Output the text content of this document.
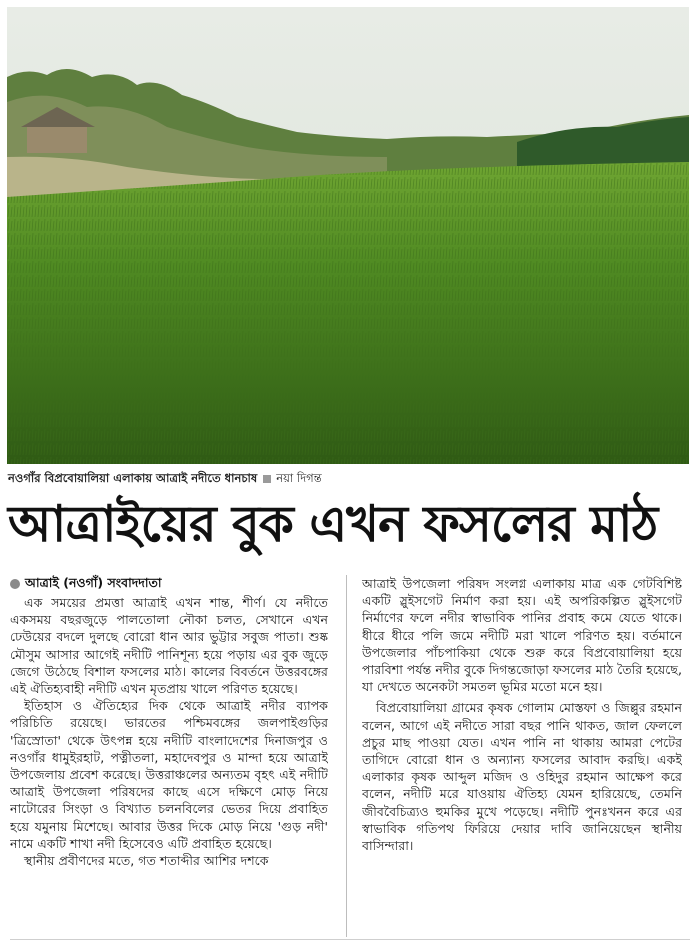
নওগাঁর বিপ্রবোয়ালিয়া এলাকায় আত্রাই নদীতে ধানচাষ নয়া দিগন্ত
আত্রাইয়ের বুক এখন ফসলের মাঠ
আত্রাই (নওগাঁ) সংবাদদাতা

এক সময়ের প্রমত্তা আত্রাই এখন শান্ত, শীর্ণ। যে নদীতে একসময় বছরজুড়ে পালতোলা নৌকা চলত, সেখানে এখন ঢেউয়ের বদলে দুলছে বোরো ধান আর ভুট্টার সবুজ পাতা। শুষ্ক মৌসুম আসার আগেই নদীটি পানিশূন্য হয়ে পড়ায় এর বুক জুড়ে জেগে উঠেছে বিশাল ফসলের মাঠ। কালের বিবর্তনে উত্তরবঙ্গের এই ঐতিহ্যবাহী নদীটি এখন মৃতপ্রায় খালে পরিণত হয়েছে।

ইতিহাস ও ঐতিহ্যের দিক থেকে আত্রাই নদীর ব্যাপক পরিচিতি রয়েছে। ভারতের পশ্চিমবঙ্গের জলপাইগুড়ির 'ত্রিস্রোতা' থেকে উৎপন্ন হয়ে নদীটি বাংলাদেশের দিনাজপুর ও নওগাঁর ধামুইরহাট, পত্নীতলা, মহাদেবপুর ও মান্দা হয়ে আত্রাই উপজেলায় প্রবেশ করেছে। উত্তরাঞ্চলের অন্যতম বৃহৎ এই নদীটি আত্রাই উপজেলা পরিষদের কাছে এসে দক্ষিণে মোড় নিয়ে নাটোরের সিংড়া ও বিখ্যাত চলনবিলের ভেতর দিয়ে প্রবাহিত হয়ে যমুনায় মিশেছে। আবার উত্তর দিকে মোড় নিয়ে 'গুড় নদী' নামে একটি শাখা নদী হিসেবেও এটি প্রবাহিত হয়েছে।

স্থানীয় প্রবীণদের মতে, গত শতাব্দীর আশির দশকে

আত্রাই উপজেলা পরিষদ সংলগ্ন এলাকায় মাত্র এক গেটবিশিষ্ট একটি স্লুইসগেট নির্মাণ করা হয়। এই অপরিকল্পিত স্লুইসগেট নির্মাণের ফলে নদীর স্বাভাবিক পানির প্রবাহ কমে যেতে থাকে। ধীরে ধীরে পলি জমে নদীটি মরা খালে পরিণত হয়। বর্তমানে উপজেলার পাঁচপাকিয়া থেকে শুরু করে বিপ্রবোয়ালিয়া হয়ে পারবিশা পর্যন্ত নদীর বুকে দিগন্তজোড়া ফসলের মাঠ তৈরি হয়েছে, যা দেখতে অনেকটা সমতল ভূমির মতো মনে হয়।

বিপ্রবোয়ালিয়া গ্রামের কৃষক গোলাম মোস্তফা ও জিল্লুর রহমান বলেন, আগে এই নদীতে সারা বছর পানি থাকত, জাল ফেললে প্রচুর মাছ পাওয়া যেত। এখন পানি না থাকায় আমরা পেটের তাগিদে বোরো ধান ও অন্যান্য ফসলের আবাদ করছি। একই এলাকার কৃষক আব্দুল মজিদ ও ওহিদুর রহমান আক্ষেপ করে বলেন, নদীটি মরে যাওয়ায় ঐতিহ্য যেমন হারিয়েছে, তেমনি জীববৈচিত্র্যও হুমকির মুখে পড়েছে। নদীটি পুনঃখনন করে এর স্বাভাবিক গতিপথ ফিরিয়ে দেয়ার দাবি জানিয়েছেন স্থানীয় বাসিন্দারা।
